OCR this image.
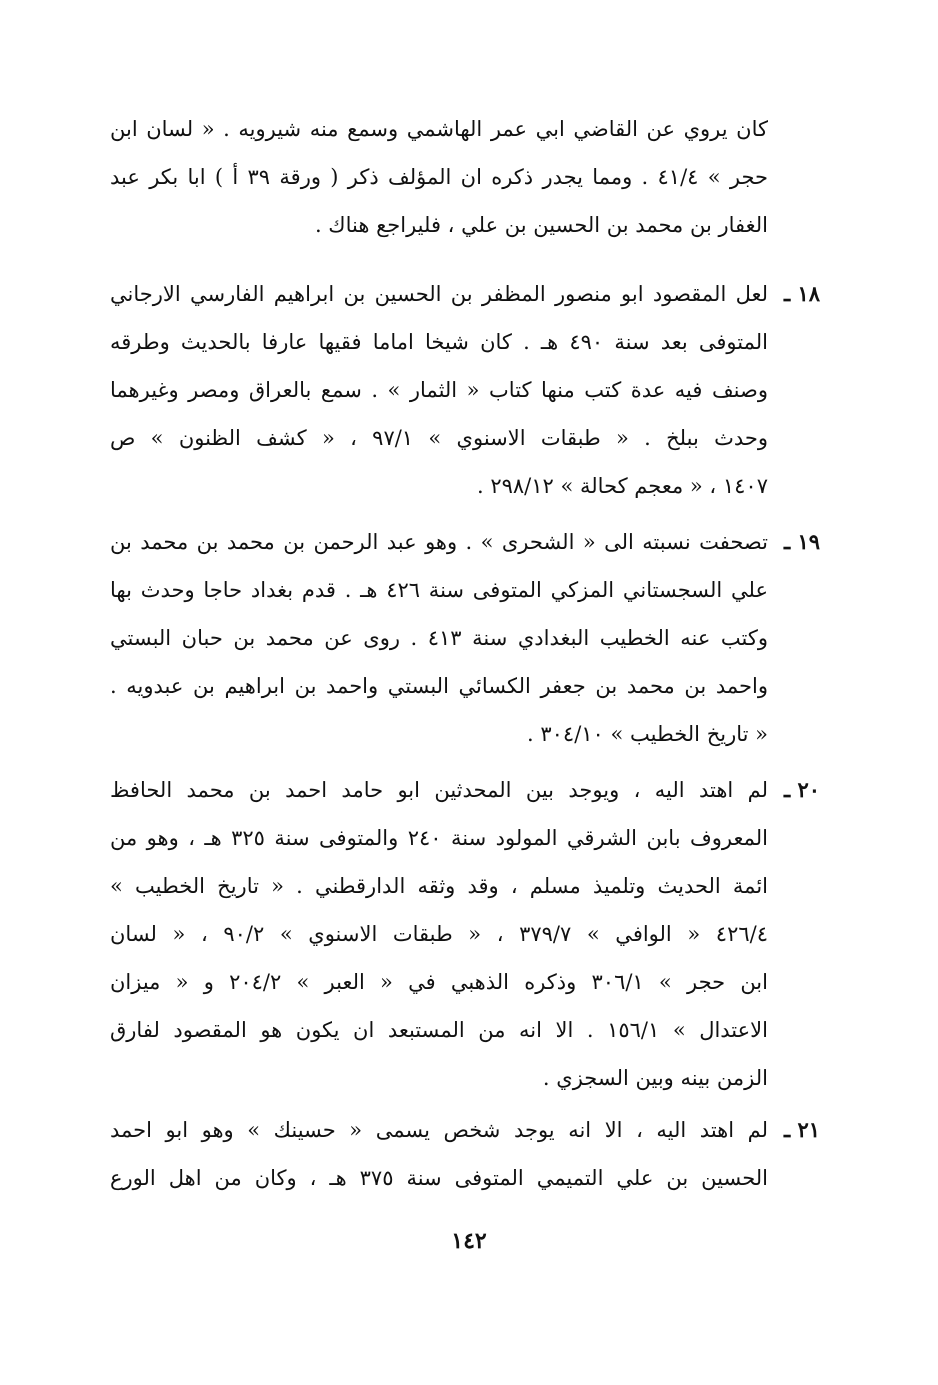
كان يروي عن القاضي ابي عمر الهاشمي وسمع منه شيرويه . « لسان ابن
حجر » ٤١/٤ . ومما يجدر ذكره ان المؤلف ذكر ( ورقة ٣٩ أ ) ابا بكر عبد
الغفار بن محمد بن الحسين بن علي ، فليراجع هناك .
١٨ ـ
لعل المقصود ابو منصور المظفر بن الحسين بن ابراهيم الفارسي الارجاني
المتوفى بعد سنة ٤٩٠ هـ . كان شيخا اماما فقيها عارفا بالحديث وطرقه
وصنف فيه عدة كتب منها كتاب « الثمار » . سمع بالعراق ومصر وغيرهما
وحدث ببلخ . « طبقات الاسنوي » ٩٧/١ ، « كشف الظنون » ص
١٤٠٧ ، « معجم كحالة » ٢٩٨/١٢ .
١٩ ـ
تصحفت نسبته الى « الشحرى » . وهو عبد الرحمن بن محمد بن محمد بن
علي السجستاني المزكي المتوفى سنة ٤٢٦ هـ . قدم بغداد حاجا وحدث بها
وكتب عنه الخطيب البغدادي سنة ٤١٣ . روى عن محمد بن حبان البستي
واحمد بن محمد بن جعفر الكسائي البستي واحمد بن ابراهيم بن عبدويه .
« تاريخ الخطيب » ٣٠٤/١٠ .
٢٠ ـ
لم اهتد اليه ، ويوجد بين المحدثين ابو حامد احمد بن محمد الحافظ
المعروف بابن الشرقي المولود سنة ٢٤٠ والمتوفى سنة ٣٢٥ هـ ، وهو من
ائمة الحديث وتلميذ مسلم ، وقد وثقه الدارقطني . « تاريخ الخطيب »
٤٢٦/٤ « الوافي » ٣٧٩/٧ ، « طبقات الاسنوي » ٩٠/٢ ، « لسان
ابن حجر » ٣٠٦/١ وذكره الذهبي في « العبر » ٢٠٤/٢ و « ميزان
الاعتدال » ١٥٦/١ . الا انه من المستبعد ان يكون هو المقصود لفارق
الزمن بينه وبين السجزي .
٢١ ـ
لم اهتد اليه ، الا انه يوجد شخص يسمى « حسينك » وهو ابو احمد
الحسين بن علي التميمي المتوفى سنة ٣٧٥ هـ ، وكان من اهل الورع
١٤٢
